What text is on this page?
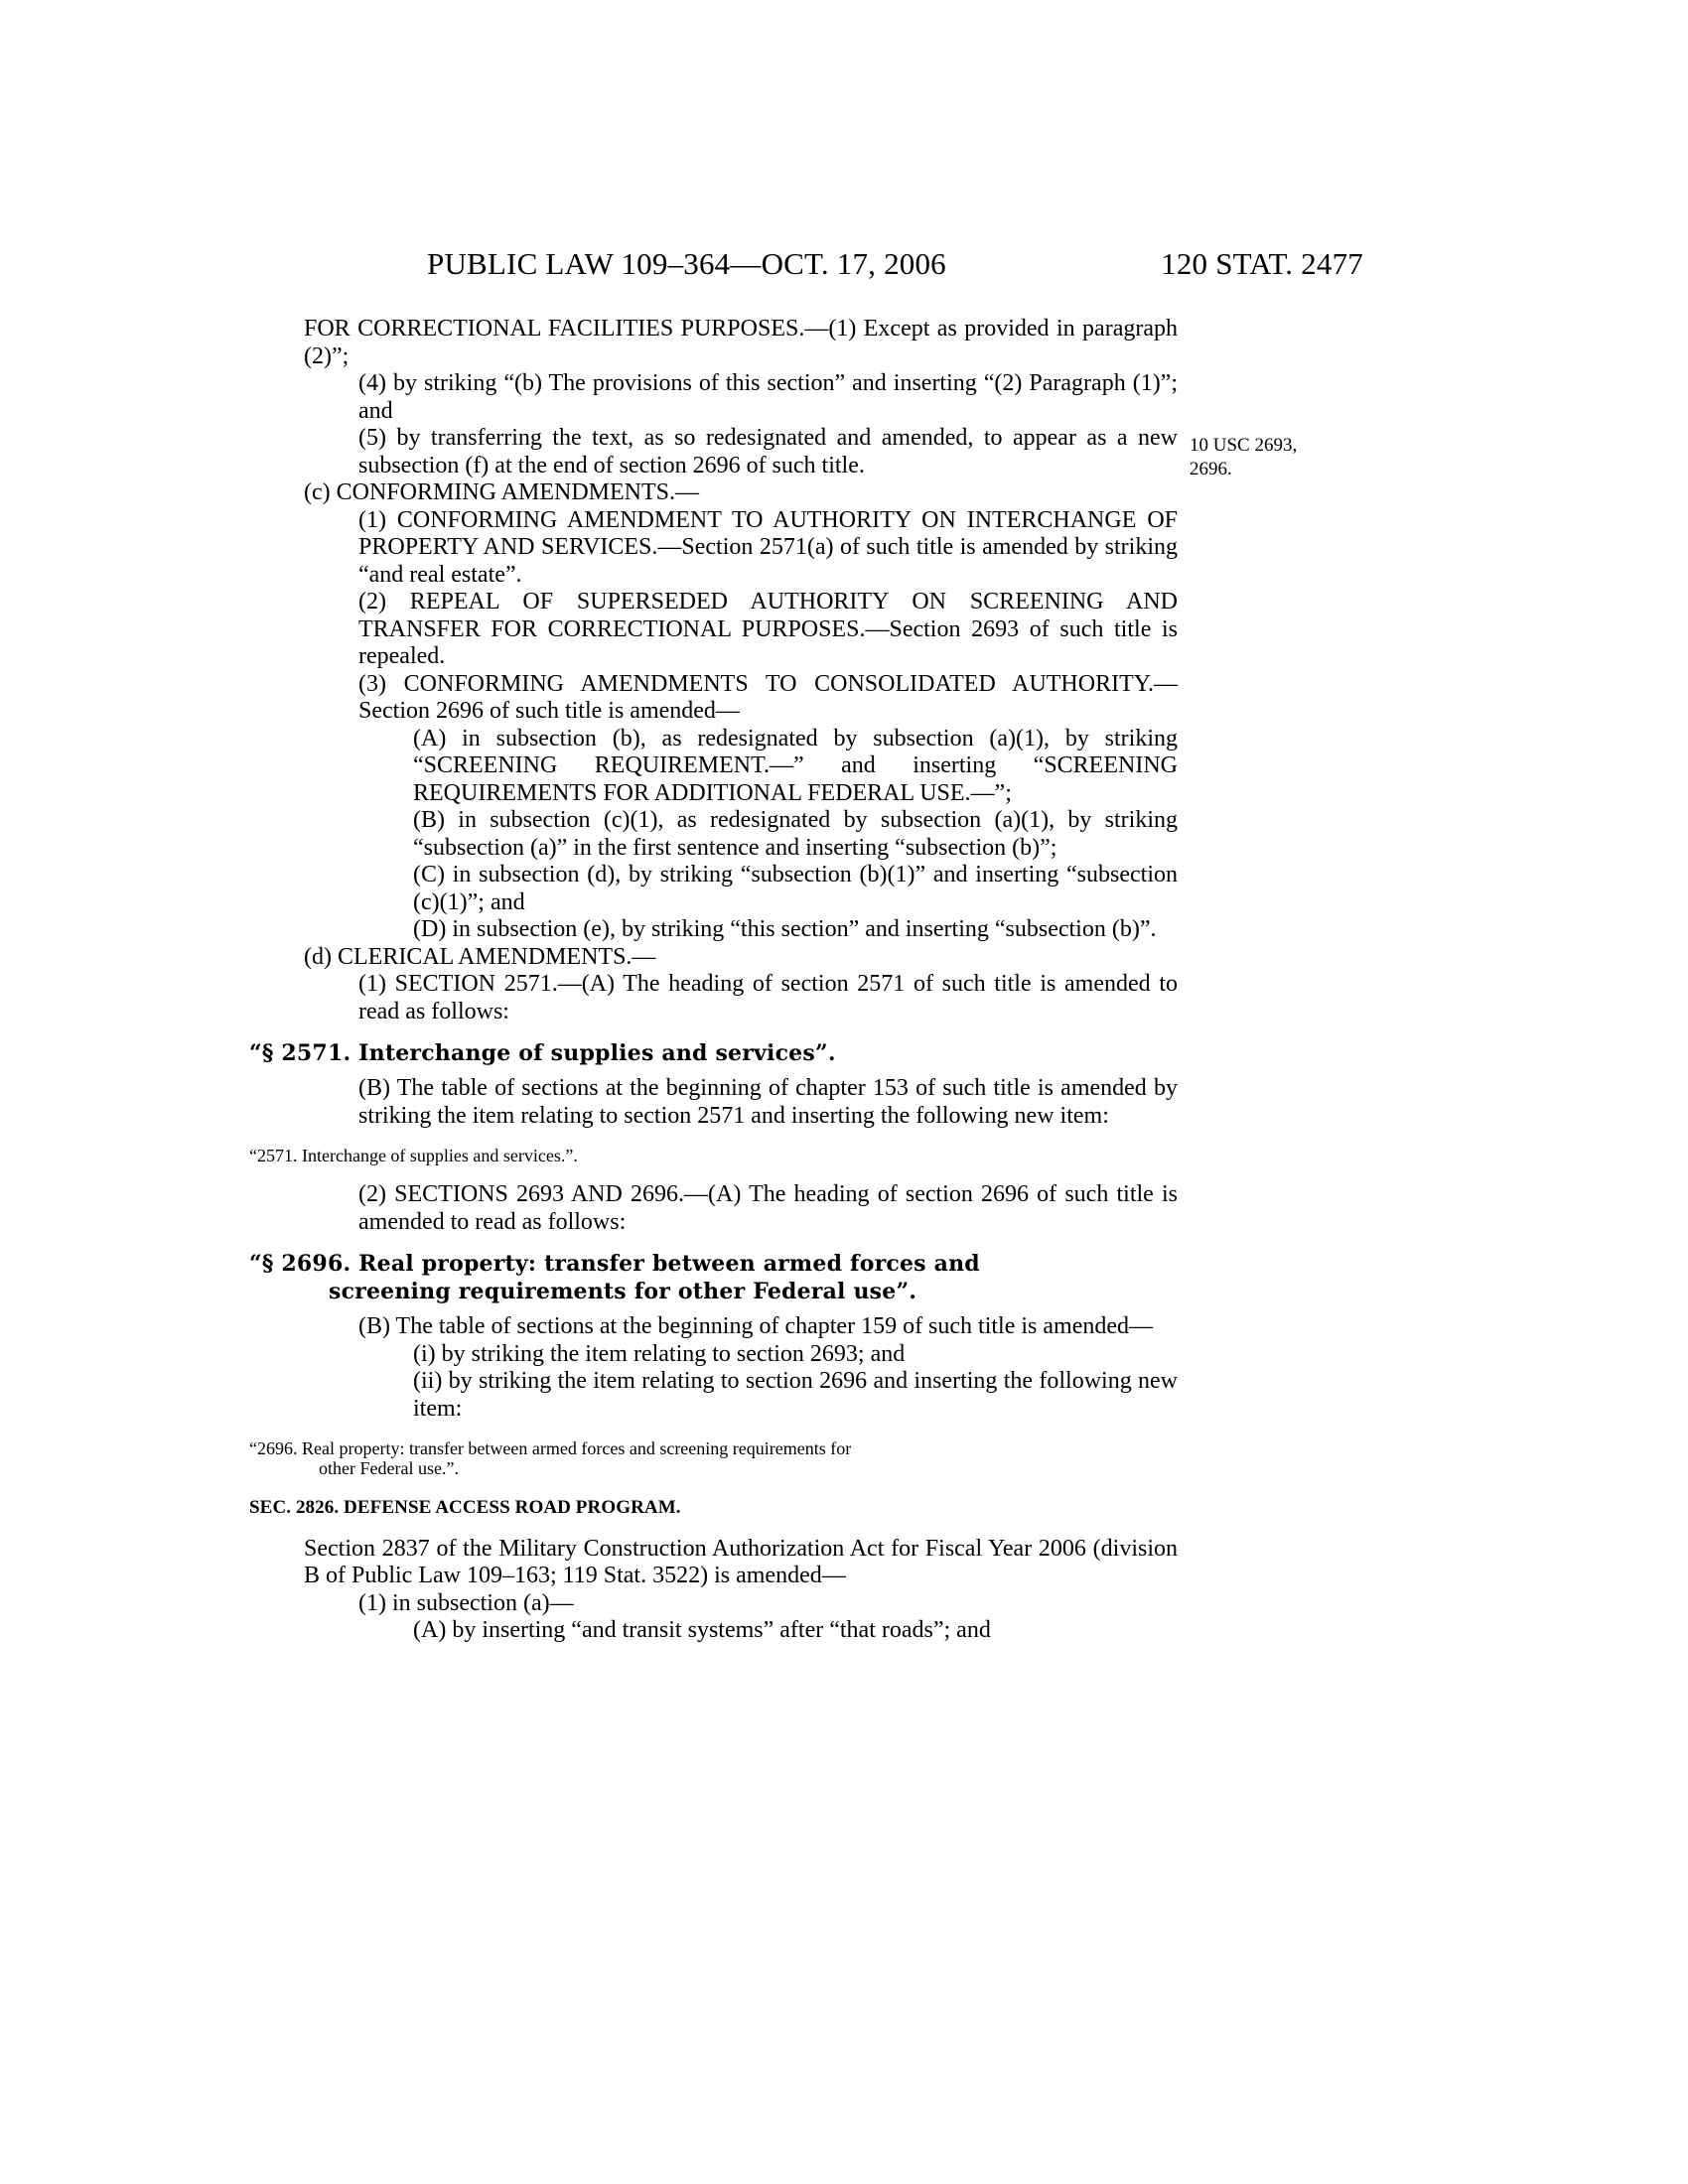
PUBLIC LAW 109–364—OCT. 17, 2006	120 STAT. 2477
10 USC 2693,
2696.
FOR CORRECTIONAL FACILITIES PURPOSES.—(1) Except as provided in paragraph (2)”;
(4) by striking “(b) The provisions of this section” and inserting “(2) Paragraph (1)”; and
(5) by transferring the text, as so redesignated and amended, to appear as a new subsection (f) at the end of section 2696 of such title.
(c) CONFORMING AMENDMENTS.—
(1) CONFORMING AMENDMENT TO AUTHORITY ON INTERCHANGE OF PROPERTY AND SERVICES.—Section 2571(a) of such title is amended by striking “and real estate”.
(2) REPEAL OF SUPERSEDED AUTHORITY ON SCREENING AND TRANSFER FOR CORRECTIONAL PURPOSES.—Section 2693 of such title is repealed.
(3) CONFORMING AMENDMENTS TO CONSOLIDATED AUTHORITY.—Section 2696 of such title is amended—
(A) in subsection (b), as redesignated by subsection (a)(1), by striking “SCREENING REQUIREMENT.—” and inserting “SCREENING REQUIREMENTS FOR ADDITIONAL FEDERAL USE.—”;
(B) in subsection (c)(1), as redesignated by subsection (a)(1), by striking “subsection (a)” in the first sentence and inserting “subsection (b)”;
(C) in subsection (d), by striking “subsection (b)(1)” and inserting “subsection (c)(1)”; and
(D) in subsection (e), by striking “this section” and inserting “subsection (b)”.
(d) CLERICAL AMENDMENTS.—
(1) SECTION 2571.—(A) The heading of section 2571 of such title is amended to read as follows:
“§ 2571. Interchange of supplies and services”.
(B) The table of sections at the beginning of chapter 153 of such title is amended by striking the item relating to section 2571 and inserting the following new item:
“2571. Interchange of supplies and services.”.
(2) SECTIONS 2693 AND 2696.—(A) The heading of section 2696 of such title is amended to read as follows:
“§ 2696. Real property: transfer between armed forces and
screening requirements for other Federal use”.
(B) The table of sections at the beginning of chapter 159 of such title is amended—
(i) by striking the item relating to section 2693; and
(ii) by striking the item relating to section 2696 and inserting the following new item:
“2696. Real property: transfer between armed forces and screening requirements for
other Federal use.”.
SEC. 2826. DEFENSE ACCESS ROAD PROGRAM.
Section 2837 of the Military Construction Authorization Act for Fiscal Year 2006 (division B of Public Law 109–163; 119 Stat. 3522) is amended—
(1) in subsection (a)—
(A) by inserting “and transit systems” after “that roads”; and
